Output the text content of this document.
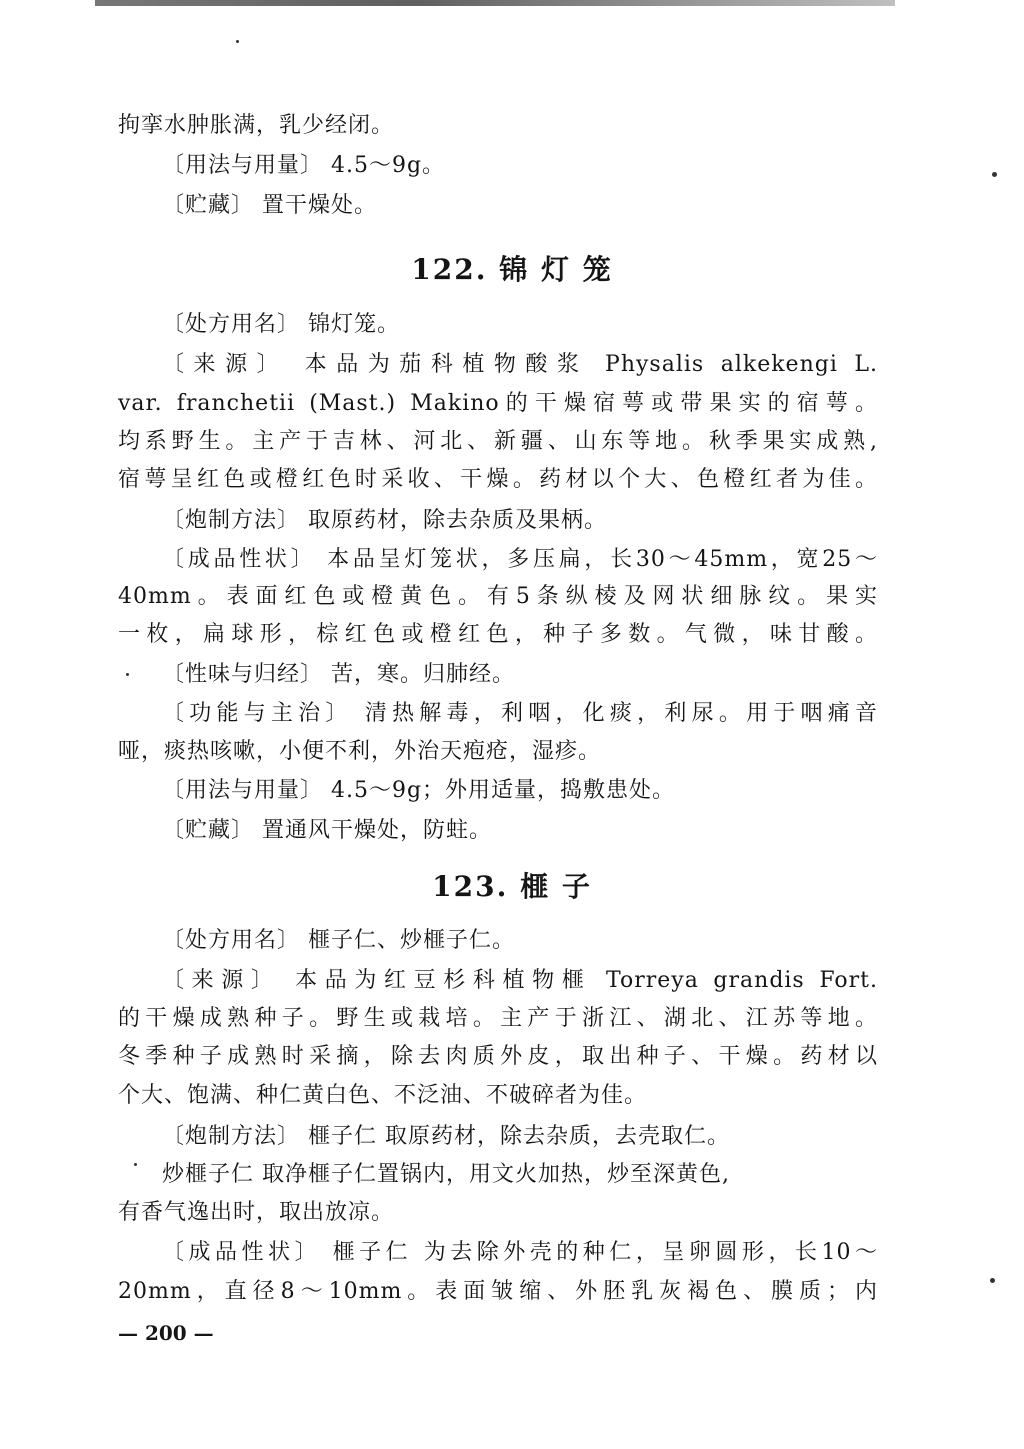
拘挛水肿胀满，乳少经闭。
〔用法与用量〕 4.5～9g。
〔贮藏〕 置干燥处。
122. 锦 灯 笼
〔处方用名〕 锦灯笼。
〔来源〕 本品为茄科植物酸浆 Physalis alkekengi L.
var. franchetii (Mast.) Makino的干燥宿萼或带果实的宿萼。
均系野生。主产于吉林、河北、新疆、山东等地。秋季果实成熟,
宿萼呈红色或橙红色时采收、干燥。药材以个大、色橙红者为佳。
〔炮制方法〕 取原药材，除去杂质及果柄。
〔成品性状〕 本品呈灯笼状，多压扁，长30～45mm，宽25～
40mm。表面红色或橙黄色。有5条纵棱及网状细脉纹。果实
一枚，扁球形，棕红色或橙红色，种子多数。气微，味甘酸。
〔性味与归经〕 苦，寒。归肺经。
〔功能与主治〕 清热解毒，利咽，化痰，利尿。用于咽痛音
哑，痰热咳嗽，小便不利，外治天疱疮，湿疹。
〔用法与用量〕 4.5～9g；外用适量，捣敷患处。
〔贮藏〕 置通风干燥处，防蛀。
123. 榧 子
〔处方用名〕 榧子仁、炒榧子仁。
〔来源〕 本品为红豆杉科植物榧 Torreya grandis Fort.
的干燥成熟种子。野生或栽培。主产于浙江、湖北、江苏等地。
冬季种子成熟时采摘，除去肉质外皮，取出种子、干燥。药材以
个大、饱满、种仁黄白色、不泛油、不破碎者为佳。
〔炮制方法〕 榧子仁 取原药材，除去杂质，去壳取仁。
炒榧子仁 取净榧子仁置锅内，用文火加热，炒至深黄色,
有香气逸出时，取出放凉。
〔成品性状〕 榧子仁 为去除外壳的种仁，呈卵圆形，长10～
20mm，直径8～10mm。表面皱缩、外胚乳灰褐色、膜质；内
— 200 —
